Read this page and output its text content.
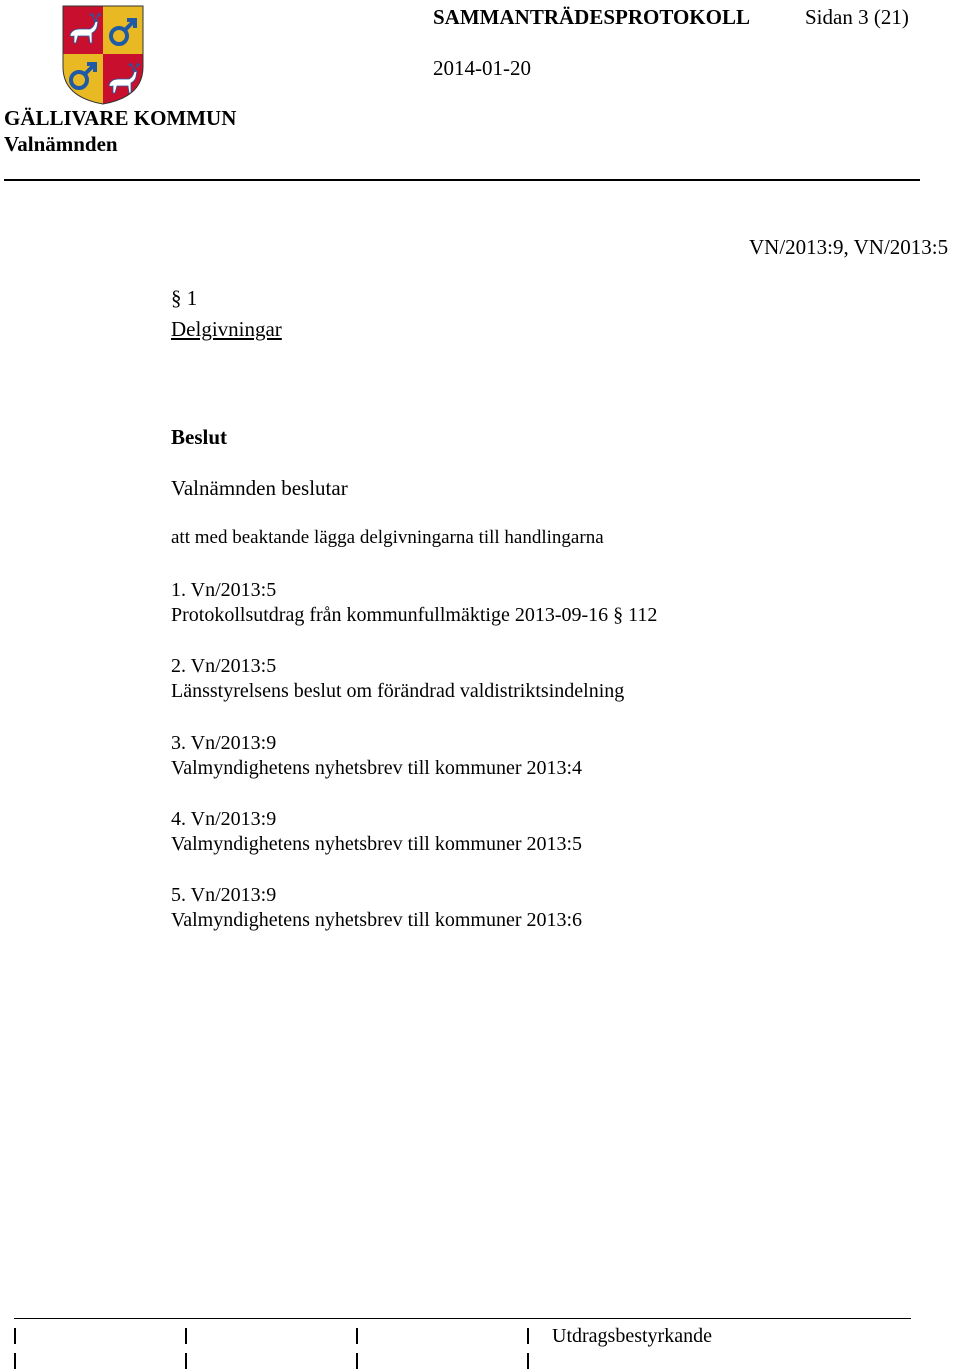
SAMMANTRÄDESPROTOKOLL	Sidan 3 (21)
2014-01-20
GÄLLIVARE KOMMUN
Valnämnden
VN/2013:9, VN/2013:5
§ 1
Delgivningar
Beslut
Valnämnden beslutar
att med beaktande lägga delgivningarna till handlingarna
1. Vn/2013:5
Protokollsutdrag från kommunfullmäktige 2013-09-16 § 112
2. Vn/2013:5
Länsstyrelsens beslut om förändrad valdistriktsindelning
3. Vn/2013:9
Valmyndighetens nyhetsbrev till kommuner 2013:4
4. Vn/2013:9
Valmyndighetens nyhetsbrev till kommuner 2013:5
5. Vn/2013:9
Valmyndighetens nyhetsbrev till kommuner 2013:6
Utdragsbestyrkande
